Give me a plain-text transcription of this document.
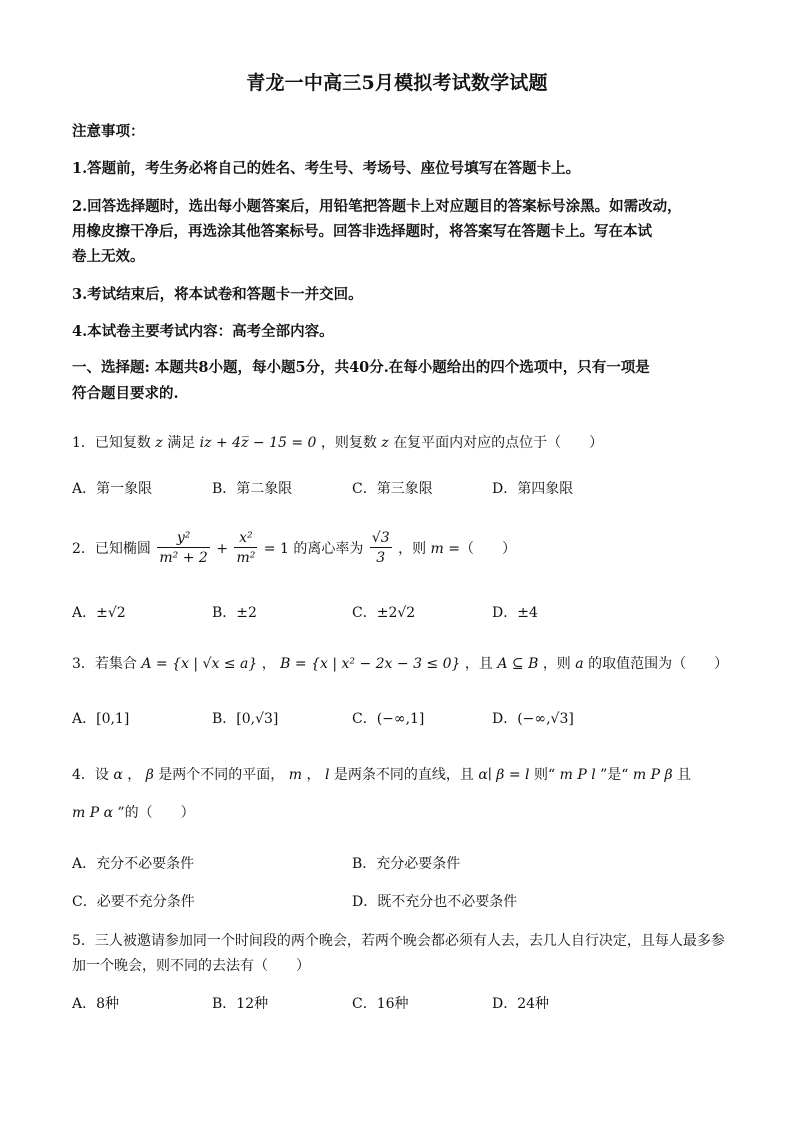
青龙一中高三5月模拟考试数学试题
注意事项：
1.答题前，考生务必将自己的姓名、考生号、考场号、座位号填写在答题卡上。
2.回答选择题时，选出每小题答案后，用铅笔把答题卡上对应题目的答案标号涂黑。如需改动，
用橡皮擦干净后，再选涂其他答案标号。回答非选择题时，将答案写在答题卡上。写在本试
卷上无效。
3.考试结束后，将本试卷和答题卡一并交回。
4.本试卷主要考试内容：高考全部内容。
一、选择题: 本题共8小题，每小题5分，共40分.在每小题给出的四个选项中，只有一项是
符合题目要求的.
1．已知复数 z 满足 iz + 4z̅ − 15 = 0 ，则复数 z 在复平面内对应的点位于（　　）
A．第一象限	B．第二象限	C．第三象限	D．第四象限
2．已知椭圆 $\frac{\text{y²}}{\text{m² + 2}} + \frac{\text{x²}}{\text{m²}} = 1$ 的离心率为 $\frac{√3}{3}$ ，则 m =（　　）
A．±√2	B．±2	C．±2√2	D．±4
3．若集合 A = {x | √x ≤ a} ， B = {x | x² − 2x − 3 ≤ 0} ，且 A ⊆ B ，则 a 的取值范围为（　　）
A．[0,1]	B．[0,√3]	C．(−∞,1]	D．(−∞,√3]
4．设 α ， β 是两个不同的平面， m ， l 是两条不同的直线，且 α∣ β = l 则“ m P l ”是“ m P β 且
m P α ”的（　　）
A．充分不必要条件	B．充分必要条件
C．必要不充分条件	D．既不充分也不必要条件
5．三人被邀请参加同一个时间段的两个晚会，若两个晚会都必须有人去，去几人自行决定，且每人最多参
加一个晚会，则不同的去法有（　　）
A．8种	B．12种	C．16种	D．24种
